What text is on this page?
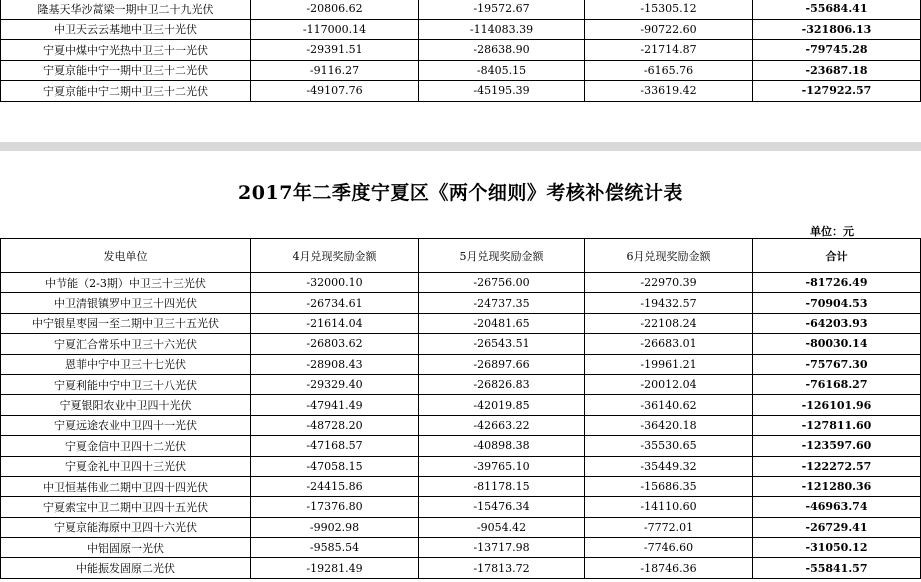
隆基天华沙蒿梁一期中卫二十九光伏	-20806.62	-19572.67	-15305.12	-55684.41
中卫天云云基地中卫三十光伏	-117000.14	-114083.39	-90722.60	-321806.13
宁夏中煤中宁光热中卫三十一光伏	-29391.51	-28638.90	-21714.87	-79745.28
宁夏京能中宁一期中卫三十二光伏	-9116.27	-8405.15	-6165.76	-23687.18
宁夏京能中宁二期中卫三十二光伏	-49107.76	-45195.39	-33619.42	-127922.57
2017年二季度宁夏区《两个细则》考核补偿统计表
单位：元
发电单位	4月兑现奖励金额	5月兑现奖励金额	6月兑现奖励金额	合计
中节能（2-3期）中卫三十三光伏	-32000.10	-26756.00	-22970.39	-81726.49
中卫清银镇罗中卫三十四光伏	-26734.61	-24737.35	-19432.57	-70904.53
中宁银星枣园一至二期中卫三十五光伏	-21614.04	-20481.65	-22108.24	-64203.93
宁夏汇合常乐中卫三十六光伏	-26803.62	-26543.51	-26683.01	-80030.14
恩菲中宁中卫三十七光伏	-28908.43	-26897.66	-19961.21	-75767.30
宁夏利能中宁中卫三十八光伏	-29329.40	-26826.83	-20012.04	-76168.27
宁夏银阳农业中卫四十光伏	-47941.49	-42019.85	-36140.62	-126101.96
宁夏远途农业中卫四十一光伏	-48728.20	-42663.22	-36420.18	-127811.60
宁夏金信中卫四十二光伏	-47168.57	-40898.38	-35530.65	-123597.60
宁夏金礼中卫四十三光伏	-47058.15	-39765.10	-35449.32	-122272.57
中卫恒基伟业二期中卫四十四光伏	-24415.86	-81178.15	-15686.35	-121280.36
宁夏索宝中卫二期中卫四十五光伏	-17376.80	-15476.34	-14110.60	-46963.74
宁夏京能海原中卫四十六光伏	-9902.98	-9054.42	-7772.01	-26729.41
中铝固原一光伏	-9585.54	-13717.98	-7746.60	-31050.12
中能振发固原二光伏	-19281.49	-17813.72	-18746.36	-55841.57
